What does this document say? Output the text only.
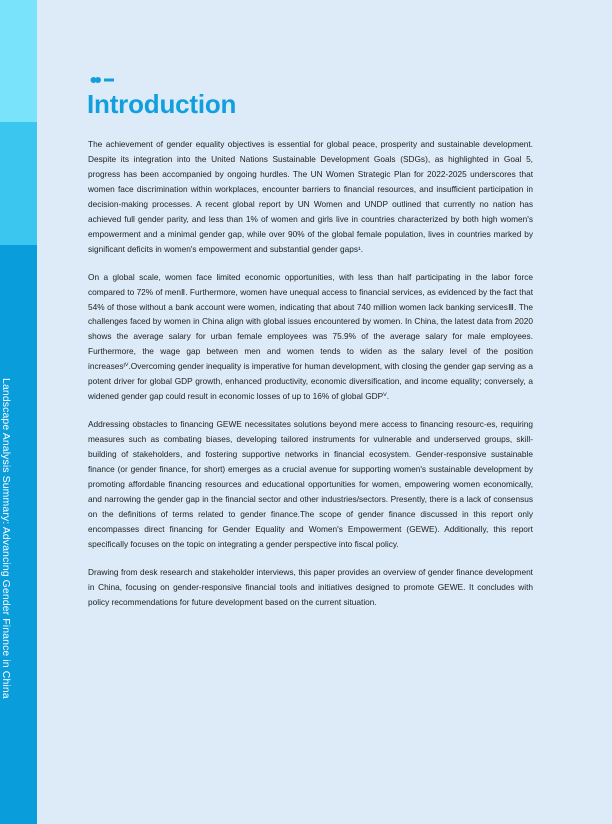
Landscape Analysis Summary: Advancing Gender Finance in China
Introduction

The achievement of gender equality objectives is essential for global peace, prosperity and sustainable development. Despite its integration into the United Nations Sustainable Development Goals (SDGs), as highlighted in Goal 5, progress has been accompanied by ongoing hurdles. The UN Women Strategic Plan for 2022-2025 underscores that women face discrimination within workplaces, encounter barriers to financial resources, and insufficient participation in decision-making processes. A recent global report by UN Women and UNDP outlined that currently no nation has achieved full gender parity, and less than 1% of women and girls live in countries characterized by both high women's empowerment and a minimal gender gap, while over 90% of the global female population, lives in countries marked by significant deficits in women's empowerment and substantial gender gaps¹.

On a global scale, women face limited economic opportunities, with less than half participating in the labor force compared to 72% of menⅡ. Furthermore, women have unequal access to financial services, as evidenced by the fact that 54% of those without a bank account were women, indicating that about 740 million women lack banking servicesⅢ. The challenges faced by women in China align with global issues encountered by women. In China, the latest data from 2020 shows the average salary for urban female employees was 75.9% of the average salary for male employees. Furthermore, the wage gap between men and women tends to widen as the salary level of the position increasesᴵⱽ.Overcoming gender inequality is imperative for human development, with closing the gender gap serving as a potent driver for global GDP growth, enhanced productivity, economic diversification, and income equality; conversely, a widened gender gap could result in economic losses of up to 16% of global GDPⱽ.

Addressing obstacles to financing GEWE necessitates solutions beyond mere access to financing resourc-es, requiring measures such as combating biases, developing tailored instruments for vulnerable and underserved groups, skill-building of stakeholders, and fostering supportive networks in financial ecosystem. Gender-responsive sustainable finance (or gender finance, for short) emerges as a crucial avenue for supporting women's sustainable development by promoting affordable financing resources and educational opportunities for women, empowering women economically, and narrowing the gender gap in the financial sector and other industries/sectors. Presently, there is a lack of consensus on the definitions of terms related to gender finance.The scope of gender finance discussed in this report only encompasses direct financing for Gender Equality and Women's Empowerment (GEWE). Additionally, this report specifically focuses on the topic on integrating a gender perspective into fiscal policy.

Drawing from desk research and stakeholder interviews, this paper provides an overview of gender finance development in China, focusing on gender-responsive financial tools and initiatives designed to promote GEWE. It concludes with policy recommendations for future development based on the current situation.
